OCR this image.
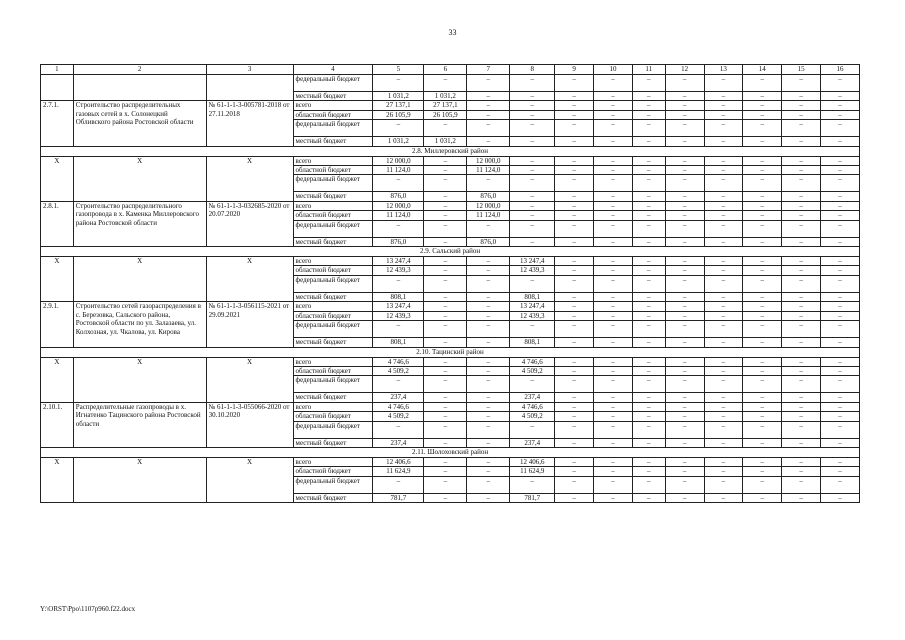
33
1	2	3	4	5	6	7	8	9	10	11	12	13	14	15	16
			федеральный бюджет	–	–	–	–	–	–	–	–	–	–	–	–
			местный бюджет	1 031,2	1 031,2	–	–	–	–	–	–	–	–	–	–
2.7.1.	Строительство распределительных газовых сетей в х. Солонецкий Обливского района Ростовской области	№ 61-1-1-3-005781-2018 от 27.11.2018	всего	27 137,1	27 137,1	–	–	–	–	–	–	–	–	–	–
			областной бюджет	26 105,9	26 105,9	–	–	–	–	–	–	–	–	–	–
			федеральный бюджет	–	–	–	–	–	–	–	–	–	–	–	–
			местный бюджет	1 031,2	1 031,2	–	–	–	–	–	–	–	–	–	–
2.8. Миллеровский район															
Х	Х	Х	всего	12 000,0	–	12 000,0	–	–	–	–	–	–	–	–	–
			областной бюджет	11 124,0	–	11 124,0	–	–	–	–	–	–	–	–	–
			федеральный бюджет	–	–	–	–	–	–	–	–	–	–	–	–
			местный бюджет	876,0	–	876,0	–	–	–	–	–	–	–	–	–
2.8.1.	Строительство распределительного газопровода в х. Каменка Миллеровского района Ростовской области	№ 61-1-1-3-032685-2020 от 20.07.2020	всего	12 000,0	–	12 000,0	–	–	–	–	–	–	–	–	–
			областной бюджет	11 124,0	–	11 124,0	–	–	–	–	–	–	–	–	–
			федеральный бюджет	–	–	–	–	–	–	–	–	–	–	–	–
			местный бюджет	876,0	–	876,0	–	–	–	–	–	–	–	–	–
2.9. Сальский район															
Х	Х	Х	всего	13 247,4	–	–	13 247,4	–	–	–	–	–	–	–	–
			областной бюджет	12 439,3	–	–	12 439,3	–	–	–	–	–	–	–	–
			федеральный бюджет	–	–	–	–	–	–	–	–	–	–	–	–
			местный бюджет	808,1	–	–	808,1	–	–	–	–	–	–	–	–
2.9.1.	Строительство сетей газораспределения в с. Березовка, Сальского района, Ростовской области по ул. Залазаева, ул. Колхозная, ул. Чкалова, ул. Кирова	№ 61-1-1-3-056115-2021 от 29.09.2021	всего	13 247,4	–	–	13 247,4	–	–	–	–	–	–	–	–
			областной бюджет	12 439,3	–	–	12 439,3	–	–	–	–	–	–	–	–
			федеральный бюджет	–	–	–	–	–	–	–	–	–	–	–	–
			местный бюджет	808,1	–	–	808,1	–	–	–	–	–	–	–	–
2.10. Тацинский район															
Х	Х	Х	всего	4 746,6	–	–	4 746,6	–	–	–	–	–	–	–	–
			областной бюджет	4 509,2	–	–	4 509,2	–	–	–	–	–	–	–	–
			федеральный бюджет	–	–	–	–	–	–	–	–	–	–	–	–
			местный бюджет	237,4	–	–	237,4	–	–	–	–	–	–	–	–
2.10.1.	Распределительные газопроводы в х. Игнатенко Тацинского района Ростовской области	№ 61-1-1-3-055066-2020 от 30.10.2020	всего	4 746,6	–	–	4 746,6	–	–	–	–	–	–	–	–
			областной бюджет	4 509,2	–	–	4 509,2	–	–	–	–	–	–	–	–
			федеральный бюджет	–	–	–	–	–	–	–	–	–	–	–	–
			местный бюджет	237,4	–	–	237,4	–	–	–	–	–	–	–	–
2.11. Шолоховский район															
Х	Х	Х	всего	12 406,6	–	–	12 406,6	–	–	–	–	–	–	–	–
			областной бюджет	11 624,9	–	–	11 624,9	–	–	–	–	–	–	–	–
			федеральный бюджет	–	–	–	–	–	–	–	–	–	–	–	–
			местный бюджет	781,7	–	–	781,7	–	–	–	–	–	–	–	–
Y:\ORST\Ppo\1107p960.f22.docx
